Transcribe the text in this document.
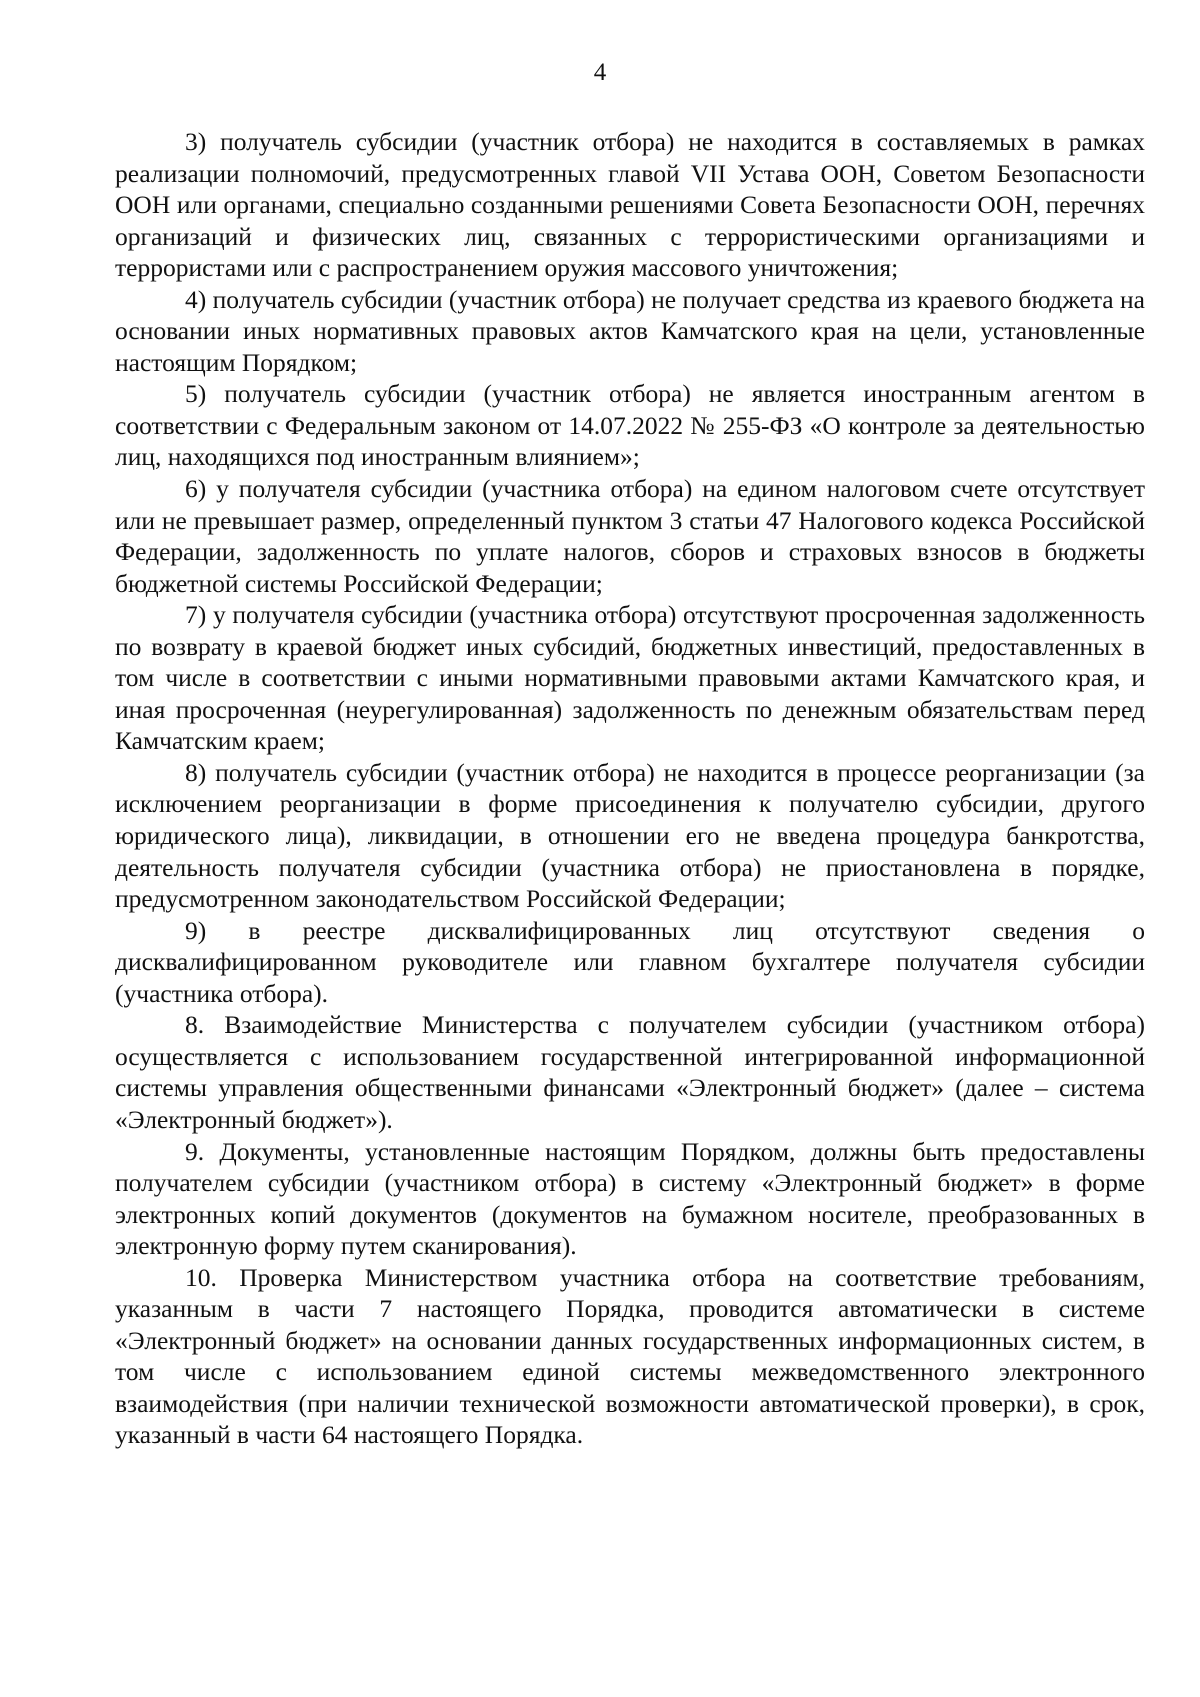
4

3) получатель субсидии (участник отбора) не находится в составляемых в рамках реализации полномочий, предусмотренных главой VII Устава ООН, Советом Безопасности ООН или органами, специально созданными решениями Совета Безопасности ООН, перечнях организаций и физических лиц, связанных с террористическими организациями и террористами или с распространением оружия массового уничтожения;

4) получатель субсидии (участник отбора) не получает средства из краевого бюджета на основании иных нормативных правовых актов Камчатского края на цели, установленные настоящим Порядком;

5) получатель субсидии (участник отбора) не является иностранным агентом в соответствии с Федеральным законом от 14.07.2022 № 255-ФЗ «О контроле за деятельностью лиц, находящихся под иностранным влиянием»;

6) у получателя субсидии (участника отбора) на едином налоговом счете отсутствует или не превышает размер, определенный пунктом 3 статьи 47 Налогового кодекса Российской Федерации, задолженность по уплате налогов, сборов и страховых взносов в бюджеты бюджетной системы Российской Федерации;

7) у получателя субсидии (участника отбора) отсутствуют просроченная задолженность по возврату в краевой бюджет иных субсидий, бюджетных инвестиций, предоставленных в том числе в соответствии с иными нормативными правовыми актами Камчатского края, и иная просроченная (неурегулированная) задолженность по денежным обязательствам перед Камчатским краем;

8) получатель субсидии (участник отбора) не находится в процессе реорганизации (за исключением реорганизации в форме присоединения к получателю субсидии, другого юридического лица), ликвидации, в отношении его не введена процедура банкротства, деятельность получателя субсидии (участника отбора) не приостановлена в порядке, предусмотренном законодательством Российской Федерации;

9) в реестре дисквалифицированных лиц отсутствуют сведения о дисквалифицированном руководителе или главном бухгалтере получателя субсидии (участника отбора).

8. Взаимодействие Министерства с получателем субсидии (участником отбора) осуществляется с использованием государственной интегрированной информационной системы управления общественными финансами «Электронный бюджет» (далее – система «Электронный бюджет»).

9. Документы, установленные настоящим Порядком, должны быть предоставлены получателем субсидии (участником отбора) в систему «Электронный бюджет» в форме электронных копий документов (документов на бумажном носителе, преобразованных в электронную форму путем сканирования).

10. Проверка Министерством участника отбора на соответствие требованиям, указанным в части 7 настоящего Порядка, проводится автоматически в системе «Электронный бюджет» на основании данных государственных информационных систем, в том числе с использованием единой системы межведомственного электронного взаимодействия (при наличии технической возможности автоматической проверки), в срок, указанный в части 64 настоящего Порядка.
